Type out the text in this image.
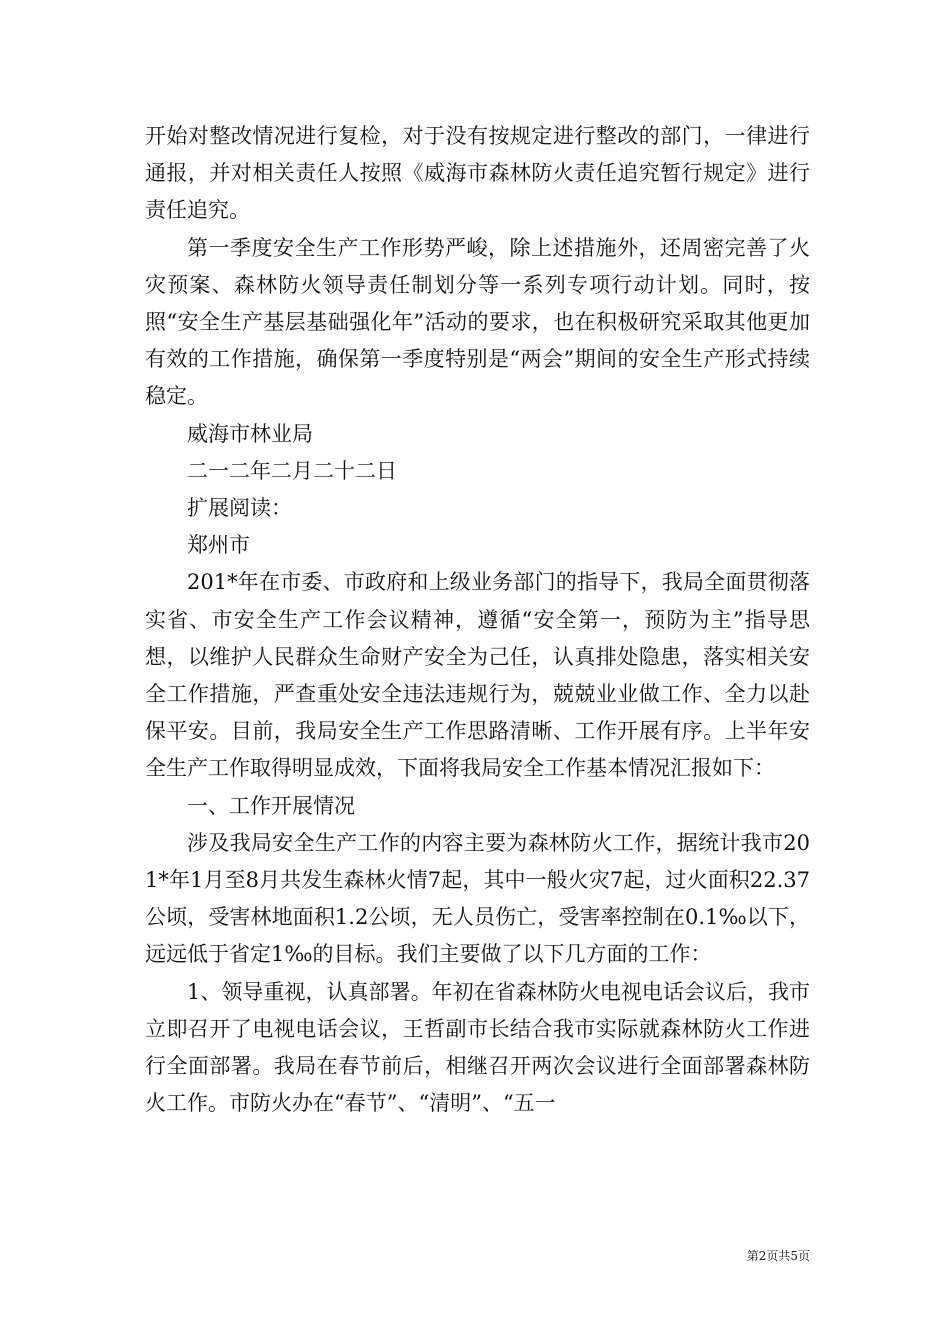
开始对整改情况进行复检，对于没有按规定进行整改的部门，一律进行通报，并对相关责任人按照《威海市森林防火责任追究暂行规定》进行责任追究。

第一季度安全生产工作形势严峻，除上述措施外，还周密完善了火灾预案、森林防火领导责任制划分等一系列专项行动计划。同时，按照“安全生产基层基础强化年”活动的要求，也在积极研究采取其他更加有效的工作措施，确保第一季度特别是“两会”期间的安全生产形式持续稳定。

威海市林业局

二一二年二月二十二日

扩展阅读：

郑州市

201*年在市委、市政府和上级业务部门的指导下，我局全面贯彻落实省、市安全生产工作会议精神，遵循“安全第一，预防为主”指导思想，以维护人民群众生命财产安全为己任，认真排处隐患，落实相关安全工作措施，严查重处安全违法违规行为，兢兢业业做工作、全力以赴保平安。目前，我局安全生产工作思路清晰、工作开展有序。上半年安全生产工作取得明显成效，下面将我局安全工作基本情况汇报如下：

一、工作开展情况

涉及我局安全生产工作的内容主要为森林防火工作，据统计我市201*年1月至8月共发生森林火情7起，其中一般火灾7起，过火面积22.37公顷，受害林地面积1.2公顷，无人员伤亡，受害率控制在0.1‰以下，远远低于省定1‰的目标。我们主要做了以下几方面的工作：

1、领导重视，认真部署。年初在省森林防火电视电话会议后，我市立即召开了电视电话会议，王哲副市长结合我市实际就森林防火工作进行全面部署。我局在春节前后，相继召开两次会议进行全面部署森林防火工作。市防火办在“春节”、“清明”、“五一

第2页共5页
